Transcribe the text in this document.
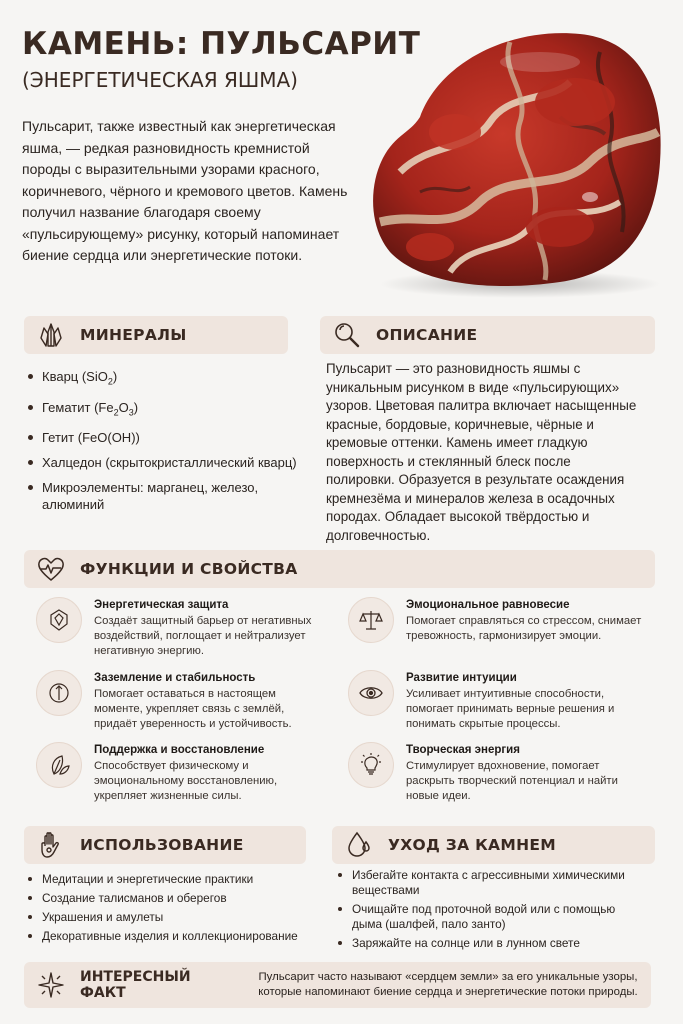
КАМЕНЬ: ПУЛЬСАРИТ
(ЭНЕРГЕТИЧЕСКАЯ ЯШМА)
Пульсарит, также известный как энергетическая яшма, — редкая разновидность кремнистой породы с выразительными узорами красного, коричневого, чёрного и кремового цветов. Камень получил название благодаря своему «пульсирующему» рисунку, который напоминает биение сердца или энергетические потоки.
МИНЕРАЛЫ
Кварц (SiO$_2$)
Гематит $(Fe_2O_3)$
Гетит (FeO(OH))
Халцедон (скрытокристаллический кварц)
Микроэлементы: марганец, железо, алюминий
ОПИСАНИЕ
Пульсарит — это разновидность яшмы с уникальным рисунком в виде «пульсирующих» узоров. Цветовая палитра включает насыщенные красные, бордовые, коричневые, чёрные и кремовые оттенки. Камень имеет гладкую поверхность и стеклянный блеск после полировки. Образуется в результате осаждения кремнезёма и минералов железа в осадочных породах. Обладает высокой твёрдостью и долговечностью.
ФУНКЦИИ И СВОЙСТВА
Энергетическая защита
Создаёт защитный барьер от негативных воздействий, поглощает и нейтрализует негативную энергию.
Эмоциональное равновесие
Помогает справляться со стрессом, снимает тревожность, гармонизирует эмоции.
Заземление и стабильность
Помогает оставаться в настоящем моменте, укрепляет связь с землёй, придаёт уверенность и устойчивость.
Развитие интуиции
Усиливает интуитивные способности, помогает принимать верные решения и понимать скрытые процессы.
Поддержка и восстановление
Способствует физическому и эмоциональному восстановлению, укрепляет жизненные силы.
Творческая энергия
Стимулирует вдохновение, помогает раскрыть творческий потенциал и найти новые идеи.
ИСПОЛЬЗОВАНИЕ
Медитации и энергетические практики
Создание талисманов и оберегов
Украшения и амулеты
Декоративные изделия и коллекционирование
УХОД ЗА КАМНЕМ
Избегайте контакта с агрессивными химическими веществами
Очищайте под проточной водой или с помощью дыма (шалфей, пало занто)
Заряжайте на солнце или в лунном свете
ИНТЕРЕСНЫЙ ФАКТ
Пульсарит часто называют «сердцем земли» за его уникальные узоры, которые напоминают биение сердца и энергетические потоки природы.
